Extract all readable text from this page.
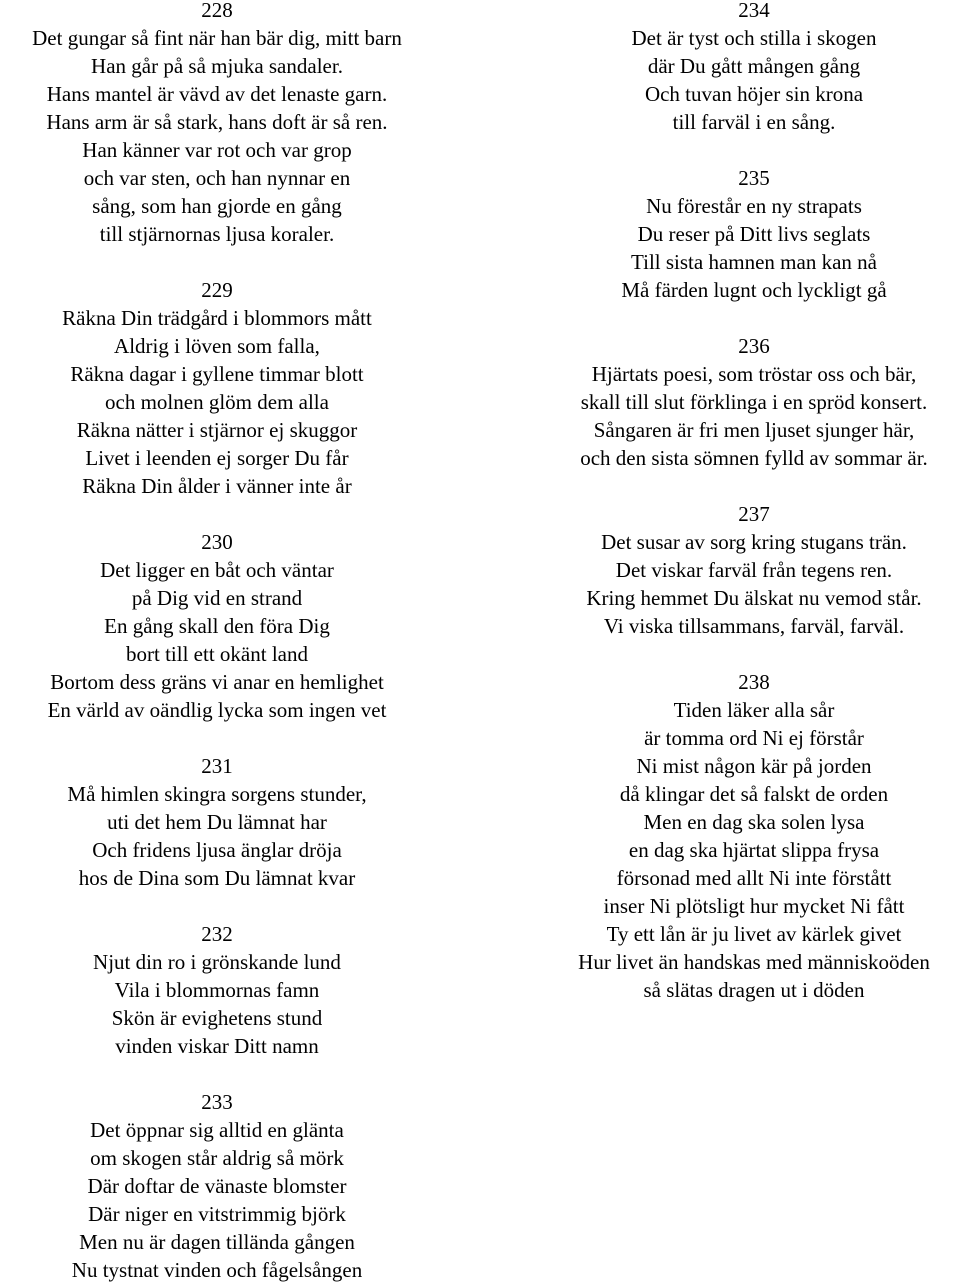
228
Det gungar så fint när han bär dig, mitt barn
Han går på så mjuka sandaler.
Hans mantel är vävd av det lenaste garn.
Hans arm är så stark, hans doft är så ren.
Han känner var rot och var grop
och var sten, och han nynnar en
sång, som han gjorde en gång
till stjärnornas ljusa koraler.
229
Räkna Din trädgård i blommors mått
Aldrig i löven som falla,
Räkna dagar i gyllene timmar blott
och molnen glöm dem alla
Räkna nätter i stjärnor ej skuggor
Livet i leenden ej sorger Du får
Räkna Din ålder i vänner inte år
230
Det ligger en båt och väntar
på Dig vid en strand
En gång skall den föra Dig
bort till ett okänt land
Bortom dess gräns vi anar en hemlighet
En värld av oändlig lycka som ingen vet
231
Må himlen skingra sorgens stunder,
uti det hem Du lämnat har
Och fridens ljusa änglar dröja
hos de Dina som Du lämnat kvar
232
Njut din ro i grönskande lund
Vila i blommornas famn
Skön är evighetens stund
vinden viskar Ditt namn
233
Det öppnar sig alltid en glänta
om skogen står aldrig så mörk
Där doftar de vänaste blomster
Där niger en vitstrimmig björk
Men nu är dagen tilländа gången
Nu tystnat vinden och fågelsången
234
Det är tyst och stilla i skogen
där Du gått mången gång
Och tuvan höjer sin krona
till farväl i en sång.
235
Nu förestår en ny strapats
Du reser på Ditt livs seglats
Till sista hamnen man kan nå
Må färden lugnt och lyckligt gå
236
Hjärtats poesi, som tröstar oss och bär,
skall till slut förklinga i en spröd konsert.
Sångaren är fri men ljuset sjunger här,
och den sista sömnen fylld av sommar är.
237
Det susar av sorg kring stugans trän.
Det viskar farväl från tegens ren.
Kring hemmet Du älskat nu vemod står.
Vi viska tillsammans, farväl, farväl.
238
Tiden läker alla sår
är tomma ord Ni ej förstår
Ni mist någon kär på jorden
då klingar det så falskt de orden
Men en dag ska solen lysa
en dag ska hjärtat slippa frysa
försonad med allt Ni inte förstått
inser Ni plötsligt hur mycket Ni fått
Ty ett lån är ju livet av kärlek givet
Hur livet än handskas med människoöden
så slätas dragen ut i döden
